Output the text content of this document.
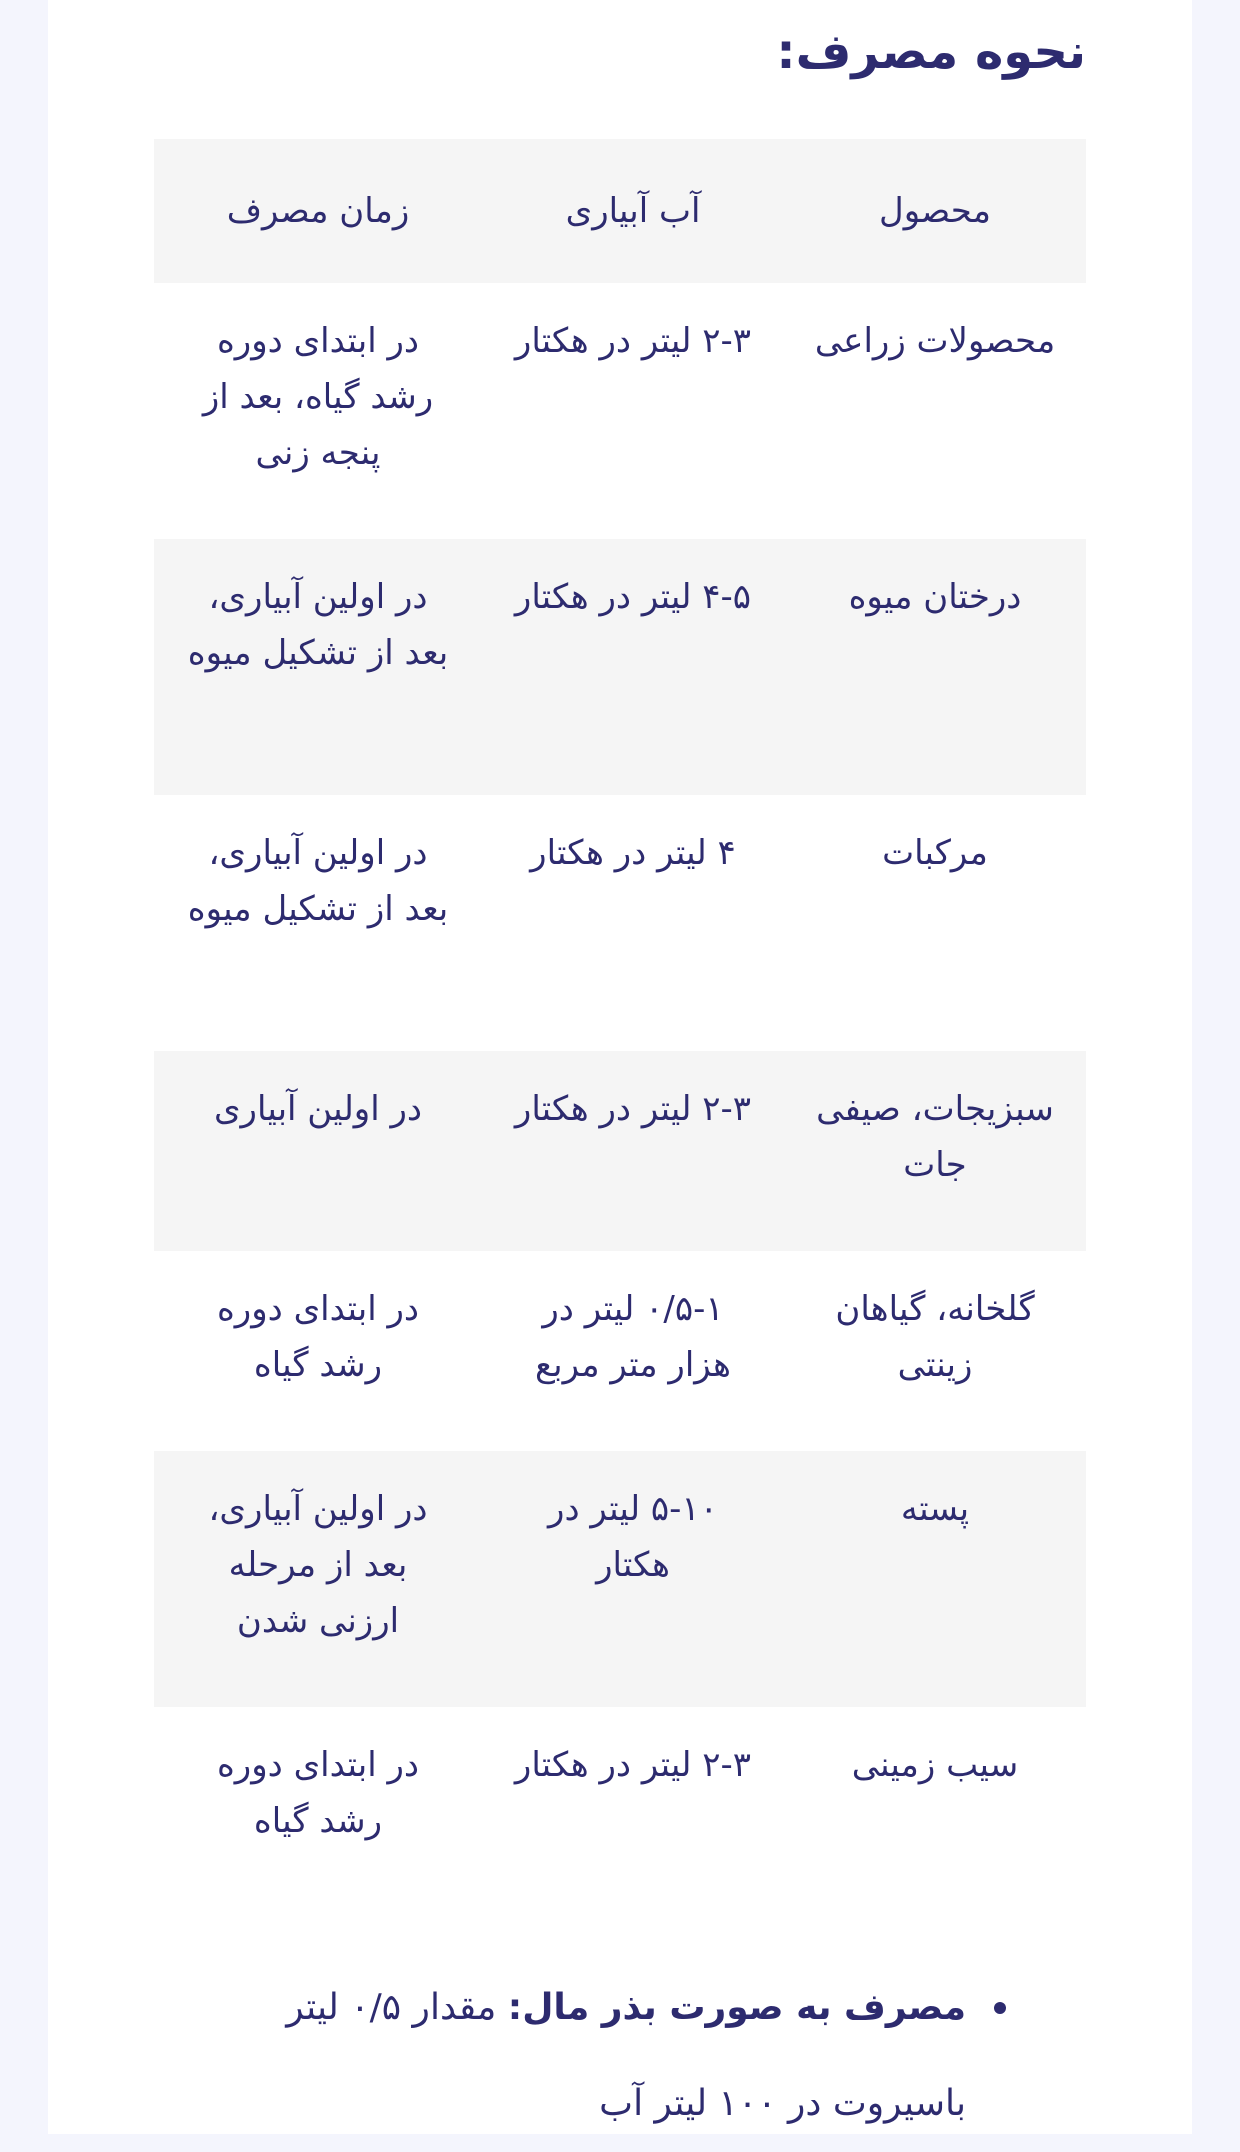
نحوه مصرف:
محصول	آب آبیاری	زمان مصرف
محصولات زراعی	۲-۳ لیتر در هکتار	در ابتدای دوره رشد گیاه، بعد از پنجه زنی
درختان میوه	۴-۵ لیتر در هکتار	در اولین آبیاری، بعد از تشکیل میوه
مرکبات	۴ لیتر در هکتار	در اولین آبیاری، بعد از تشکیل میوه
سبزیجات، صیفی جات	۲-۳ لیتر در هکتار	در اولین آبیاری
گلخانه، گیاهان زینتی	۰/۵-۱ لیتر در هزار متر مربع	در ابتدای دوره رشد گیاه
پسته	۵-۱۰ لیتر در هکتار	در اولین آبیاری، بعد از مرحله ارزنی شدن
سیب زمینی	۲-۳ لیتر در هکتار	در ابتدای دوره رشد گیاه
مصرف به صورت بذر مال: مقدار ۰/۵ لیتر باسیروت در ۱۰۰ لیتر آب
